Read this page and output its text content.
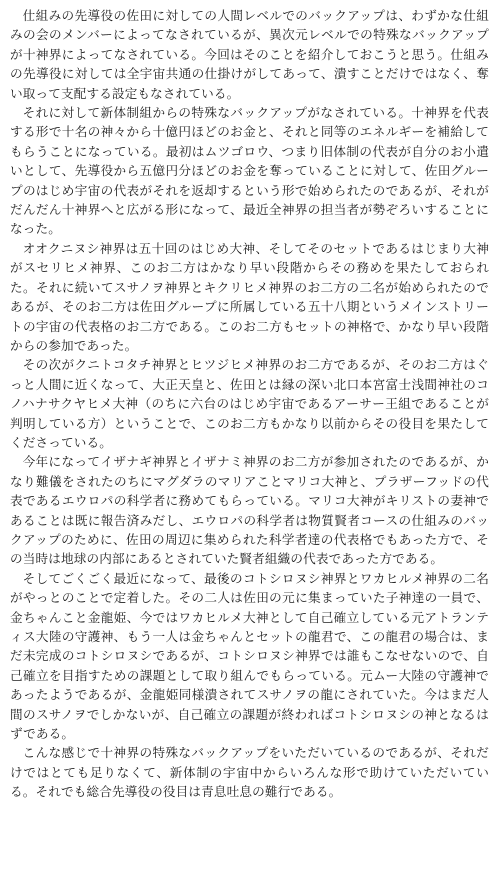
仕組みの先導役の佐田に対しての人間レベルでのバックアップは、わずかな仕組みの会のメンバーによってなされているが、異次元レベルでの特殊なバックアップが十神界によってなされている。今回はそのことを紹介しておこうと思う。仕組みの先導役に対しては全宇宙共通の仕掛けがしてあって、潰すことだけではなく、奪い取って支配する設定もなされている。

それに対して新体制組からの特殊なバックアップがなされている。十神界を代表する形で十名の神々から十億円ほどのお金と、それと同等のエネルギーを補給してもらうことになっている。最初はムツゴロウ、つまり旧体制の代表が自分のお小遣いとして、先導役から五億円分ほどのお金を奪っていることに対して、佐田グループのはじめ宇宙の代表がそれを返却するという形で始められたのであるが、それがだんだん十神界へと広がる形になって、最近全神界の担当者が勢ぞろいすることになった。

オオクニヌシ神界は五十回のはじめ大神、そしてそのセットであるはじまり大神がスセリヒメ神界、このお二方はかなり早い段階からその務めを果たしておられた。それに続いてスサノヲ神界とキクリヒメ神界のお二方の二名が始められたのであるが、そのお二方は佐田グループに所属している五十八期というメインストリートの宇宙の代表格のお二方である。このお二方もセットの神格で、かなり早い段階からの参加であった。

その次がクニトコタチ神界とヒツジヒメ神界のお二方であるが、そのお二方はぐっと人間に近くなって、大正天皇と、佐田とは縁の深い北口本宮富士浅間神社のコノハナサクヤヒメ大神（のちに六台のはじめ宇宙であるアーサー王組であることが判明している方）ということで、このお二方もかなり以前からその役目を果たしてくださっている。

今年になってイザナギ神界とイザナミ神界のお二方が参加されたのであるが、かなり難儀をされたのちにマグダラのマリアことマリコ大神と、プラザーフッドの代表であるエウロパの科学者に務めてもらっている。マリコ大神がキリストの妻神であることは既に報告済みだし、エウロパの科学者は物質賢者コースの仕組みのバックアップのために、佐田の周辺に集められた科学者達の代表格でもあった方で、その当時は地球の内部にあるとされていた賢者組織の代表であった方である。

そしてごくごく最近になって、最後のコトシロヌシ神界とワカヒルメ神界の二名がやっとのことで定着した。その二人は佐田の元に集まっていた子神達の一員で、金ちゃんこと金龍姫、今ではワカヒルメ大神として自己確立している元アトランティス大陸の守護神、もう一人は金ちゃんとセットの龍君で、この龍君の場合は、まだ未完成のコトシロヌシであるが、コトシロヌシ神界では誰もこなせないので、自己確立を目指すための課題として取り組んでもらっている。元ムー大陸の守護神であったようであるが、金龍姫同様潰されてスサノヲの龍にされていた。今はまだ人間のスサノヲでしかないが、自己確立の課題が終わればコトシロヌシの神となるはずである。

こんな感じで十神界の特殊なバックアップをいただいているのであるが、それだけではとても足りなくて、新体制の宇宙中からいろんな形で助けていただいている。それでも総合先導役の役目は青息吐息の難行である。
